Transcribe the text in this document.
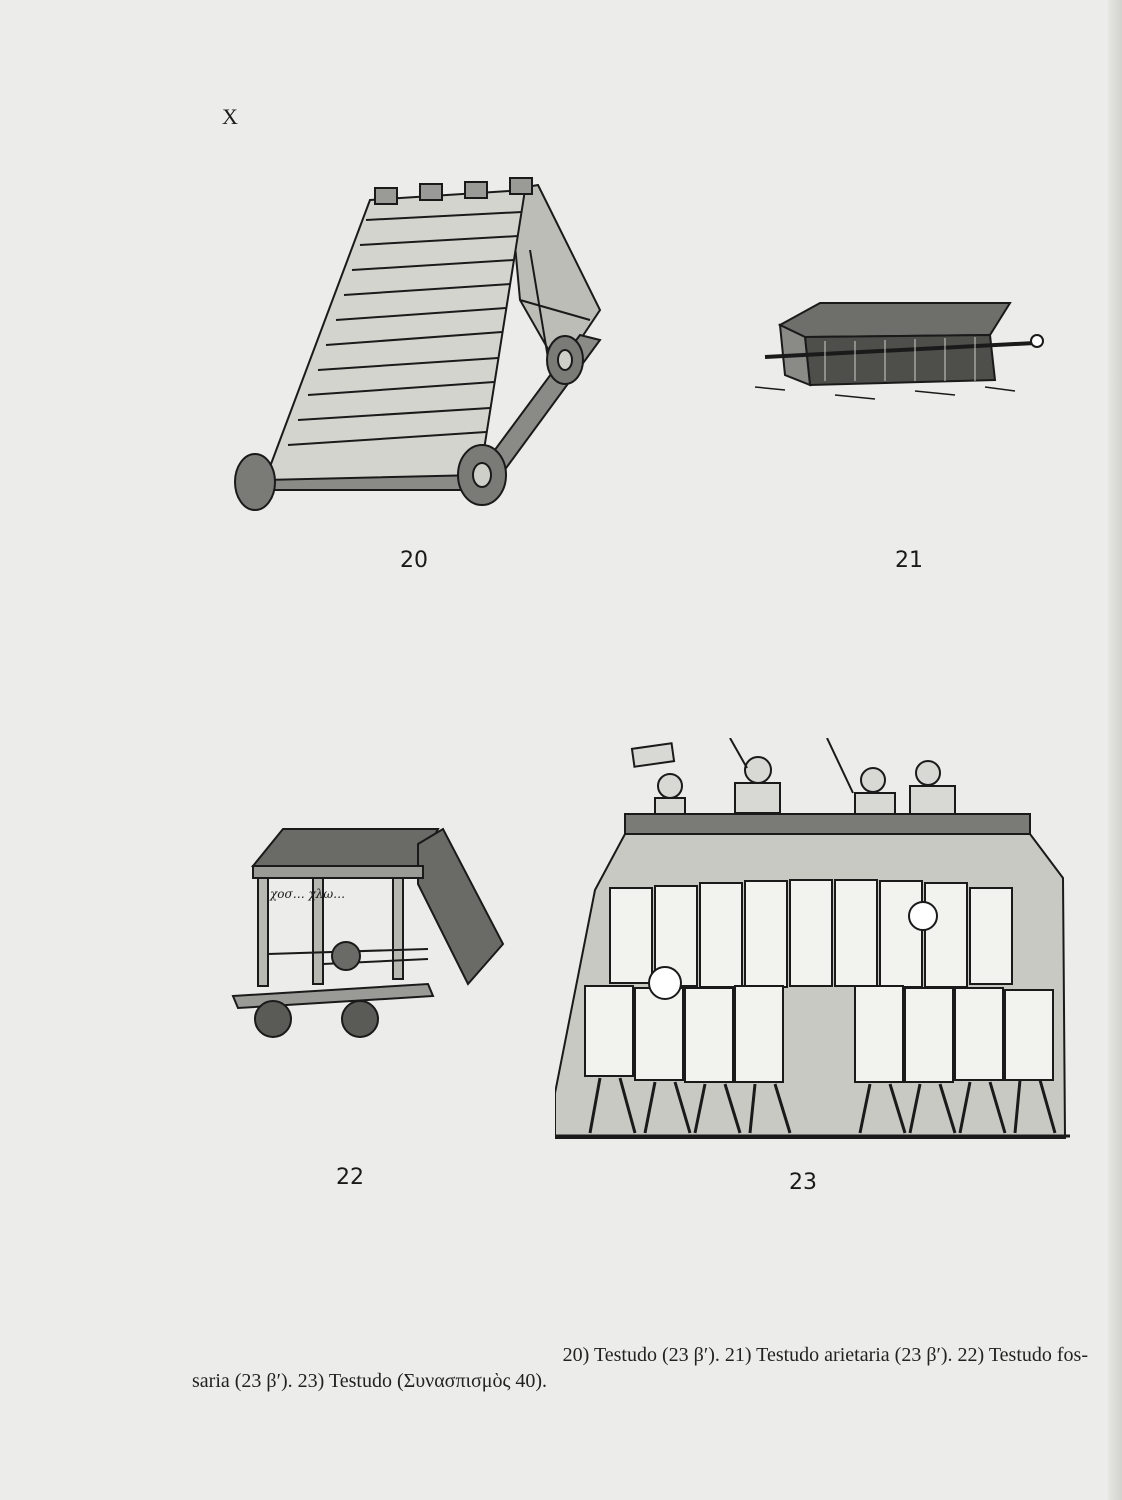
X
20	21
χοσ… χλω…
22	23
20) Testudo (23 β′). 21) Testudo arietaria (23 β′). 22) Testudo fos-
saria (23 β′). 23) Testudo (Συνασπισμὸς 40).
